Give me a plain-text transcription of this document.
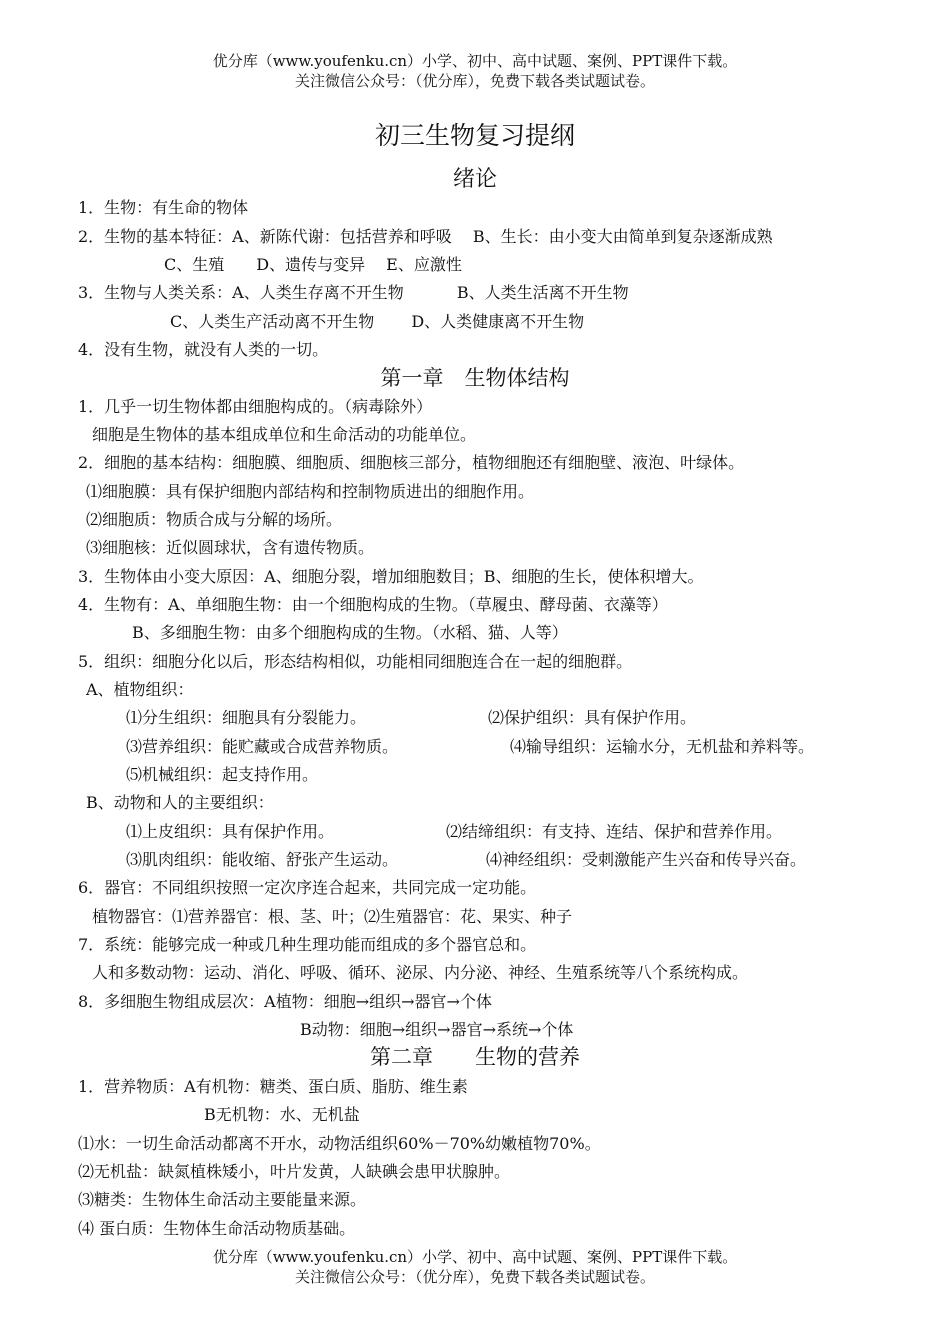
优分库（www.youfenku.cn）小学、初中、高中试题、案例、PPT课件下载。
关注微信公众号：（优分库），免费下载各类试题试卷。
初三生物复习提纲
绪论
1．生物：有生命的物体
2．生物的基本特征：A、新陈代谢：包括营养和呼吸　 B、生长：由小变大由简单到复杂逐渐成熟
C、生殖　　D、遗传与变异　 E、应激性
3．生物与人类关系：A、人类生存离不开生物　　　 B、人类生活离不开生物
C、人类生产活动离不开生物　　 D、人类健康离不开生物
4．没有生物，就没有人类的一切。
第一章　生物体结构
1．几乎一切生物体都由细胞构成的。（病毒除外）
细胞是生物体的基本组成单位和生命活动的功能单位。
2．细胞的基本结构：细胞膜、细胞质、细胞核三部分，植物细胞还有细胞壁、液泡、叶绿体。
⑴细胞膜：具有保护细胞内部结构和控制物质进出的细胞作用。
⑵细胞质：物质合成与分解的场所。
⑶细胞核：近似圆球状，含有遗传物质。
3．生物体由小变大原因：A、细胞分裂，增加细胞数目；B、细胞的生长，使体积增大。
4．生物有：A、单细胞生物：由一个细胞构成的生物。（草履虫、酵母菌、衣藻等）
B、多细胞生物：由多个细胞构成的生物。（水稻、猫、人等）
5．组织：细胞分化以后，形态结构相似，功能相同细胞连合在一起的细胞群。
A、植物组织：
⑴分生组织：细胞具有分裂能力。	⑵保护组织：具有保护作用。
⑶营养组织：能贮藏或合成营养物质。	⑷输导组织：运输水分，无机盐和养料等。
⑸机械组织：起支持作用。
B、动物和人的主要组织：
⑴上皮组织：具有保护作用。	⑵结缔组织：有支持、连结、保护和营养作用。
⑶肌肉组织：能收缩、舒张产生运动。	⑷神经组织：受刺激能产生兴奋和传导兴奋。
6．器官：不同组织按照一定次序连合起来，共同完成一定功能。
植物器官：⑴营养器官：根、茎、叶；⑵生殖器官：花、果实、种子
7．系统：能够完成一种或几种生理功能而组成的多个器官总和。
人和多数动物：运动、消化、呼吸、循环、泌尿、内分泌、神经、生殖系统等八个系统构成。
8．多细胞生物组成层次：A植物：细胞→组织→器官→个体
B动物：细胞→组织→器官→系统→个体
第二章　　生物的营养
1．营养物质：A有机物：糖类、蛋白质、脂肪、维生素
B无机物：水、无机盐
⑴水：一切生命活动都离不开水，动物活组织60%－70%幼嫩植物70%。
⑵无机盐：缺氮植株矮小，叶片发黄，人缺碘会患甲状腺肿。
⑶糖类：生物体生命活动主要能量来源。
⑷ 蛋白质：生物体生命活动物质基础。
优分库（www.youfenku.cn）小学、初中、高中试题、案例、PPT课件下载。
关注微信公众号：（优分库），免费下载各类试题试卷。
